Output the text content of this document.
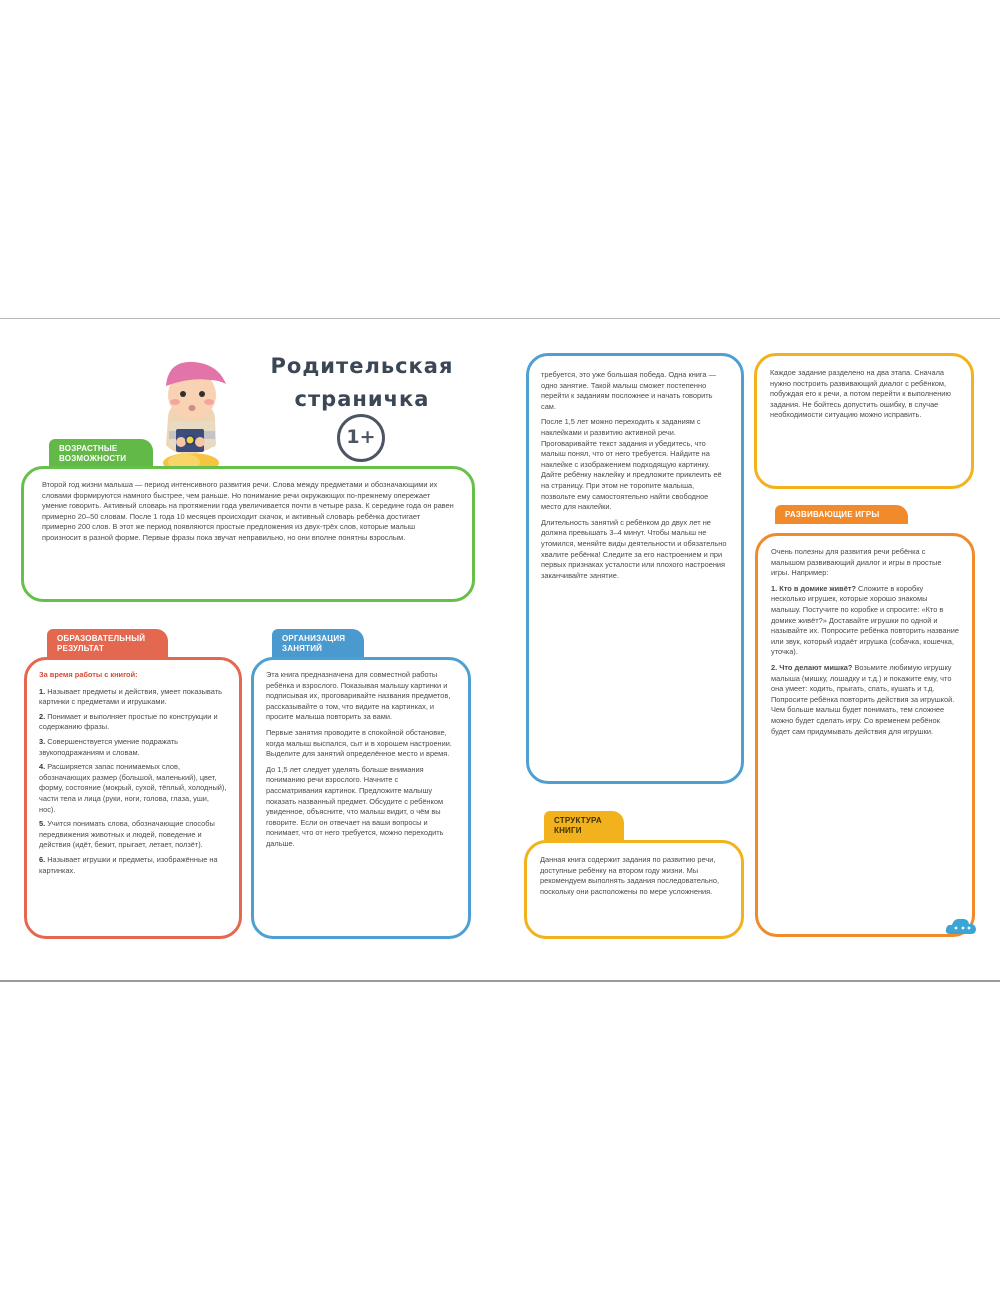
Родительская
страничка
1+
ВОЗРАСТНЫЕ ВОЗМОЖНОСТИ

Второй год жизни малыша — период интенсивного развития речи. Слова между предметами и обозначающими их словами формируются намного быстрее, чем раньше. Но понимание речи окружающих по-прежнему опережает умение говорить. Активный словарь на протяжении года увеличивается почти в четыре раза. К середине года он равен примерно 20–50 словам. После 1 года 10 месяцев происходит скачок, и активный словарь ребёнка достигает примерно 200 слов. В этот же период появляются простые предложения из двух-трёх слов, которые малыш произносит в разной форме. Первые фразы пока звучат неправильно, но они вполне понятны взрослым.

ОБРАЗОВАТЕЛЬНЫЙ РЕЗУЛЬТАТ
За время работы с книгой:
1. Называет предметы и действия, умеет показывать картинки с предметами и игрушками.
2. Понимает и выполняет простые по конструкции и содержанию фразы.
3. Совершенствуется умение подражать звукоподражаниям и словам.
4. Расширяется запас понимаемых слов, обозначающих размер (большой, маленький), цвет, форму, состояние (мокрый, сухой, тёплый, холодный), части тела и лица (руки, ноги, голова, глаза, уши, нос).
5. Учится понимать слова, обозначающие способы передвижения животных и людей, поведение и действия (идёт, бежит, прыгает, летает, ползёт).
6. Называет игрушки и предметы, изображённые на картинках.
ОРГАНИЗАЦИЯ ЗАНЯТИЙ

Эта книга предназначена для совместной работы ребёнка и взрослого. Показывая малышу картинки и подписывая их, проговаривайте названия предметов, рассказывайте о том, что видите на картинках, и просите малыша повторить за вами.

Первые занятия проводите в спокойной обстановке, когда малыш выспался, сыт и в хорошем настроении. Выделите для занятий определённое место и время.

До 1,5 лет следует уделять больше внимания пониманию речи взрослого. Начните с рассматривания картинок. Предложите малышу показать названный предмет. Обсудите с ребёнком увиденное, объясните, что малыш видит, о чём вы говорите. Если он отвечает на ваши вопросы и понимает, что от него требуется, можно переходить дальше.

требуется, это уже большая победа. Одна книга — одно занятие. Такой малыш сможет постепенно перейти к заданиям посложнее и начать говорить сам.

После 1,5 лет можно переходить к заданиям с наклейками и развитию активной речи. Проговаривайте текст задания и убедитесь, что малыш понял, что от него требуется. Найдите на наклейке с изображением подходящую картинку. Дайте ребёнку наклейку и предложите приклеить её на страницу. При этом не торопите малыша, позвольте ему самостоятельно найти свободное место для наклейки.

Длительность занятий с ребёнком до двух лет не должна превышать 3–4 минут. Чтобы малыш не утомился, меняйте виды деятельности и обязательно хвалите ребёнка! Следите за его настроением и при первых признаках усталости или плохого настроения заканчивайте занятие.

СТРУКТУРА КНИГИ

Данная книга содержит задания по развитию речи, доступные ребёнку на втором году жизни. Мы рекомендуем выполнять задания последовательно, поскольку они расположены по мере усложнения.

Каждое задание разделено на два этапа. Сначала нужно построить развивающий диалог с ребёнком, побуждая его к речи, а потом перейти к выполнению задания. Не бойтесь допустить ошибку, в случае необходимости ситуацию можно исправить.

РАЗВИВАЮЩИЕ ИГРЫ

Очень полезны для развития речи ребёнка с малышом развивающий диалог и игры в простые игры. Например:

1. Кто в домике живёт? Сложите в коробку несколько игрушек, которые хорошо знакомы малышу. Постучите по коробке и спросите: «Кто в домике живёт?» Доставайте игрушки по одной и называйте их. Попросите ребёнка повторить название или звук, который издаёт игрушка (собачка, кошечка, уточка).

2. Что делают мишка? Возьмите любимую игрушку малыша (мишку, лошадку и т.д.) и покажите ему, что она умеет: ходить, прыгать, спать, кушать и т.д. Попросите ребёнка повторить действия за игрушкой. Чем больше малыш будет понимать, тем сложнее можно будет сделать игру. Со временем ребёнок будет сам придумывать действия для игрушки.
